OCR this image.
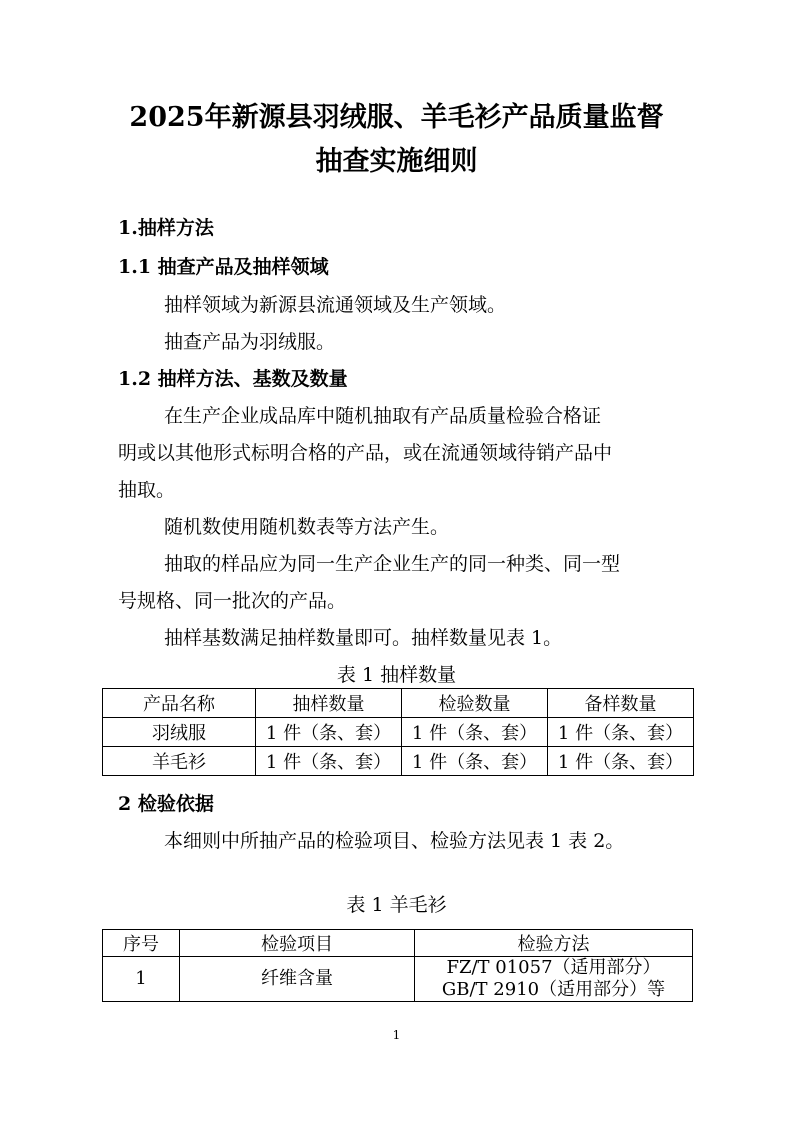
2025年新源县羽绒服、羊毛衫产品质量监督
抽查实施细则
1.抽样方法
1.1 抽查产品及抽样领域
抽样领域为新源县流通领域及生产领域。
抽查产品为羽绒服。
1.2 抽样方法、基数及数量
在生产企业成品库中随机抽取有产品质量检验合格证
明或以其他形式标明合格的产品，或在流通领域待销产品中
抽取。
随机数使用随机数表等方法产生。
抽取的样品应为同一生产企业生产的同一种类、同一型
号规格、同一批次的产品。
抽样基数满足抽样数量即可。抽样数量见表 1。
表 1 抽样数量
产品名称	抽样数量	检验数量	备样数量
羽绒服	1 件（条、套）	1 件（条、套）	1 件（条、套）
羊毛衫	1 件（条、套）	1 件（条、套）	1 件（条、套）
2 检验依据
本细则中所抽产品的检验项目、检验方法见表 1 表 2。
表 1 羊毛衫
序号	检验项目	检验方法
1	纤维含量	FZ/T 01057（适用部分）
GB/T 2910（适用部分）等
1
